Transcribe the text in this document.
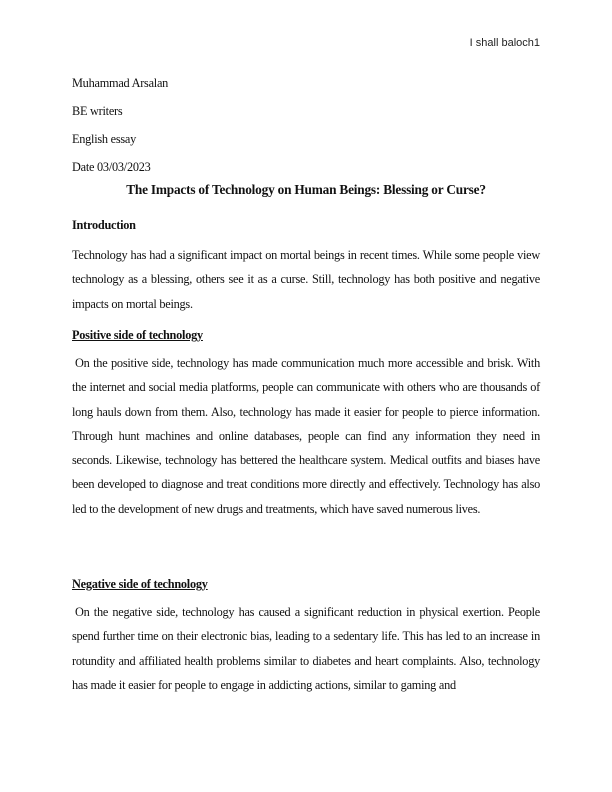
I shall baloch1
Muhammad Arsalan
BE writers
English essay
Date 03/03/2023
The Impacts of Technology on Human Beings: Blessing or Curse?
Introduction
Technology has had a significant impact on mortal beings in recent times. While some people view technology as a blessing, others see it as a curse. Still, technology has both positive and negative impacts on mortal beings.
Positive side of technology
On the positive side, technology has made communication much more accessible and brisk. With the internet and social media platforms, people can communicate with others who are thousands of long hauls down from them. Also, technology has made it easier for people to pierce information. Through hunt machines and online databases, people can find any information they need in seconds. Likewise, technology has bettered the healthcare system. Medical outfits and biases have been developed to diagnose and treat conditions more directly and effectively. Technology has also led to the development of new drugs and treatments, which have saved numerous lives.
Negative side of technology
On the negative side, technology has caused a significant reduction in physical exertion. People spend further time on their electronic bias, leading to a sedentary life. This has led to an increase in rotundity and affiliated health problems similar to diabetes and heart complaints. Also, technology has made it easier for people to engage in addicting actions, similar to gaming and
